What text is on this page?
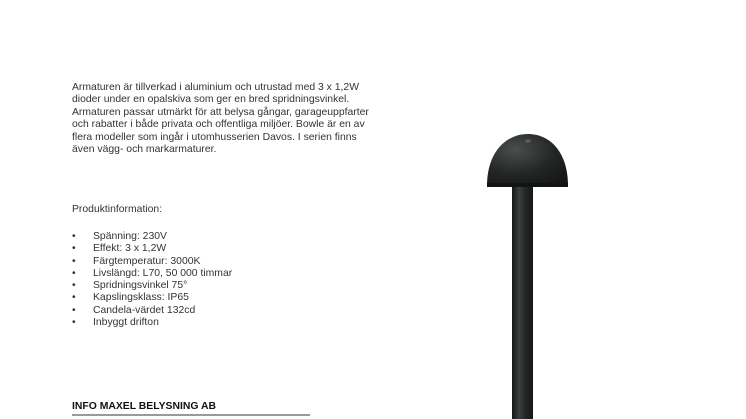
Armaturen är tillverkad i aluminium och utrustad med 3 x 1,2W dioder under en opalskiva som ger en bred spridningsvinkel. Armaturen passar utmärkt för att belysa gångar, garageuppfarter och rabatter i både privata och offentliga miljöer. Bowle är en av flera modeller som ingår i utomhusserien Davos. I serien finns även vägg- och markarmaturer.

Produktinformation:

• Spänning: 230V
• Effekt: 3 x 1,2W
• Färgtemperatur: 3000K
• Livslängd: L70, 50 000 timmar
• Spridningsvinkel 75°
• Kapslingsklass: IP65
• Candela-värdet 132cd
• Inbyggt drifton

INFO MAXEL BELYSNING AB
